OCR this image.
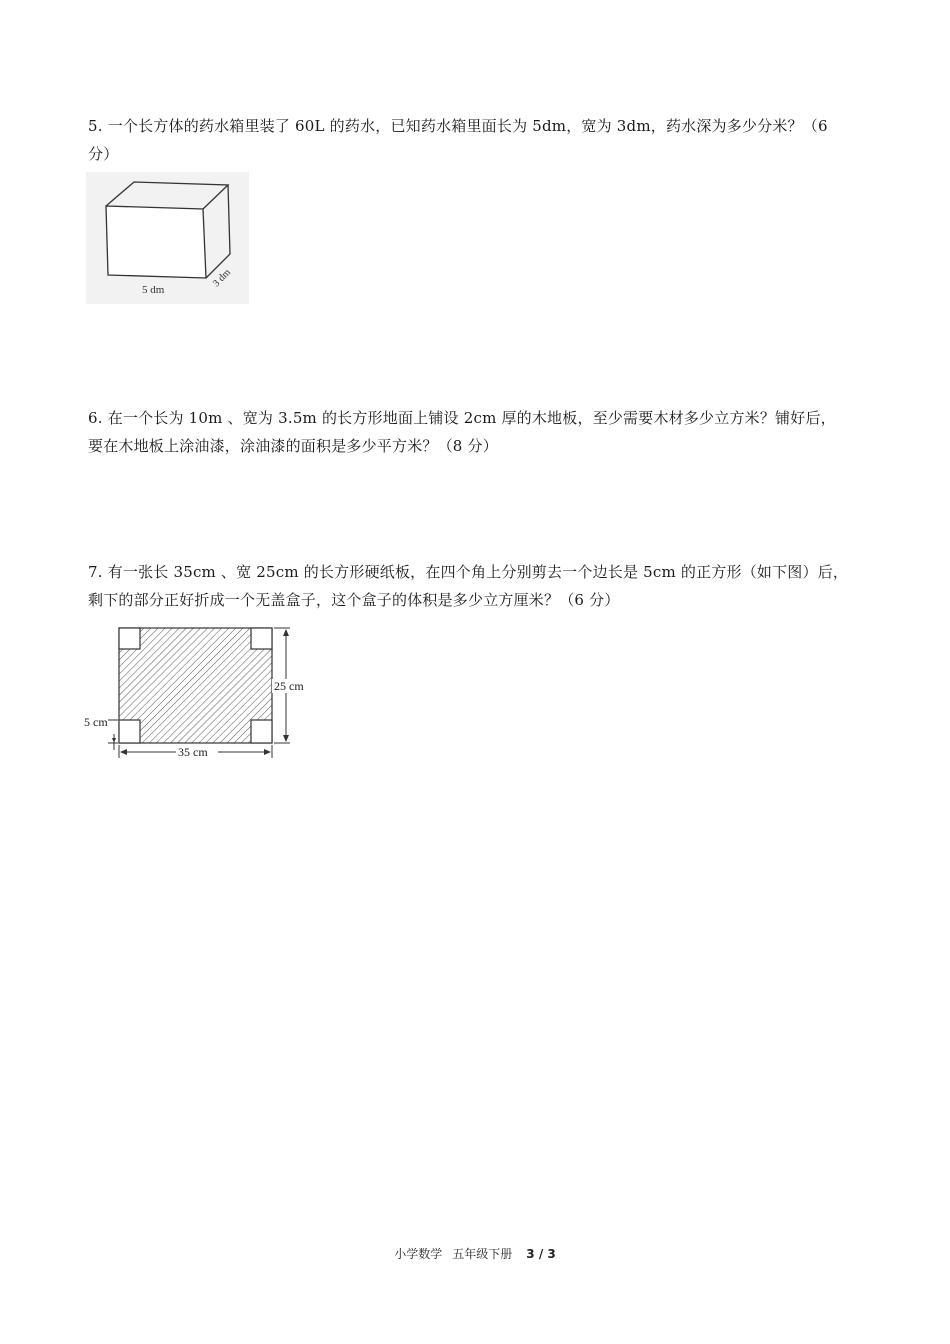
5. 一个长方体的药水箱里装了 60L 的药水，已知药水箱里面长为 5dm，宽为 3dm，药水深为多少分米？（6

分）

5 dm
3 dm

6. 在一个长为 10m 、宽为 3.5m 的长方形地面上铺设 2cm 厚的木地板，至少需要木材多少立方米？铺好后，

要在木地板上涂油漆，涂油漆的面积是多少平方米？（8 分）

7. 有一张长 35cm 、宽 25cm 的长方形硬纸板，在四个角上分别剪去一个边长是 5cm 的正方形（如下图）后，

剩下的部分正好折成一个无盖盒子，这个盒子的体积是多少立方厘米？（6 分）

25 cm
35 cm
5 cm
小学数学 五年级下册 3 / 3
